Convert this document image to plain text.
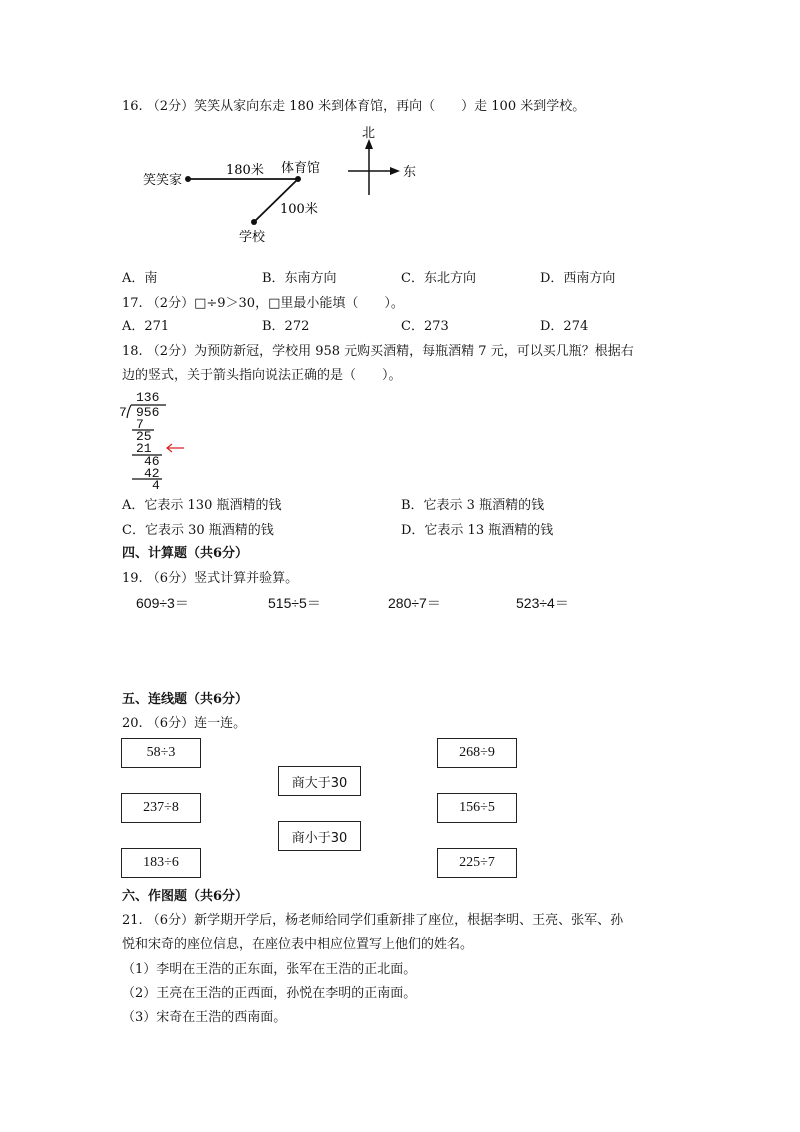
16. （2分）笑笑从家向东走 180 米到体育馆，再向（　　）走 100 米到学校。
笑笑家
180米 体育馆
100米
学校
北
东
A．南	B．东南方向	C．东北方向	D．西南方向
17. （2分）□÷9＞30，□里最小能填（　　）。
A．271	B．272	C．273	D．274
18. （2分）为预防新冠，学校用 958 元购买酒精，每瓶酒精 7 元，可以买几瓶？根据右
边的竖式，关于箭头指向说法正确的是（　　）。
136
7 956
7
25
21
46
42
4
A．它表示 130 瓶酒精的钱	B．它表示 3 瓶酒精的钱
C．它表示 30 瓶酒精的钱	D．它表示 13 瓶酒精的钱
四、计算题（共6分）
19. （6分）竖式计算并验算。
609÷3＝	515÷5＝	280÷7＝	523÷4＝
五、连线题（共6分）
20. （6分）连一连。
58÷3
237÷8
183÷6
商大于30
商小于30
268÷9
156÷5
225÷7
六、作图题（共6分）
21. （6分）新学期开学后，杨老师给同学们重新排了座位，根据李明、王亮、张军、孙
悦和宋奇的座位信息，在座位表中相应位置写上他们的姓名。
（1）李明在王浩的正东面，张军在王浩的正北面。
（2）王亮在王浩的正西面，孙悦在李明的正南面。
（3）宋奇在王浩的西南面。
